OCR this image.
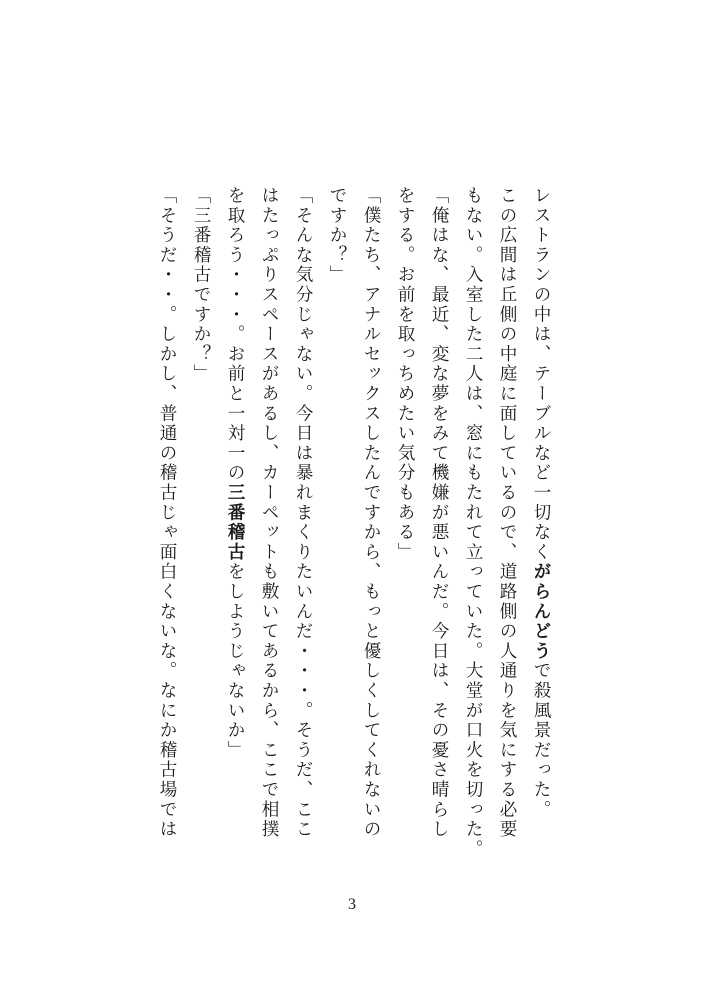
レストランの中は、テーブルなど一切なくがらんどうで殺風景だった。
この広間は丘側の中庭に面しているので、道路側の人通りを気にする必要
もない。入室した二人は、窓にもたれて立っていた。大堂が口火を切った。
「俺はな、最近、変な夢をみて機嫌が悪いんだ。今日は、その憂さ晴らし
をする。お前を取っちめたい気分もある」
「僕たち、アナルセックスしたんですから、もっと優しくしてくれないの
ですか？」
「そんな気分じゃない。今日は暴れまくりたいんだ・・・。そうだ、ここ
はたっぷりスペースがあるし、カーペットも敷いてあるから、ここで相撲
を取ろう・・・。お前と一対一の三番稽古をしようじゃないか」
「三番稽古ですか？」
「そうだ・・。しかし、普通の稽古じゃ面白くないな。なにか稽古場では
3
